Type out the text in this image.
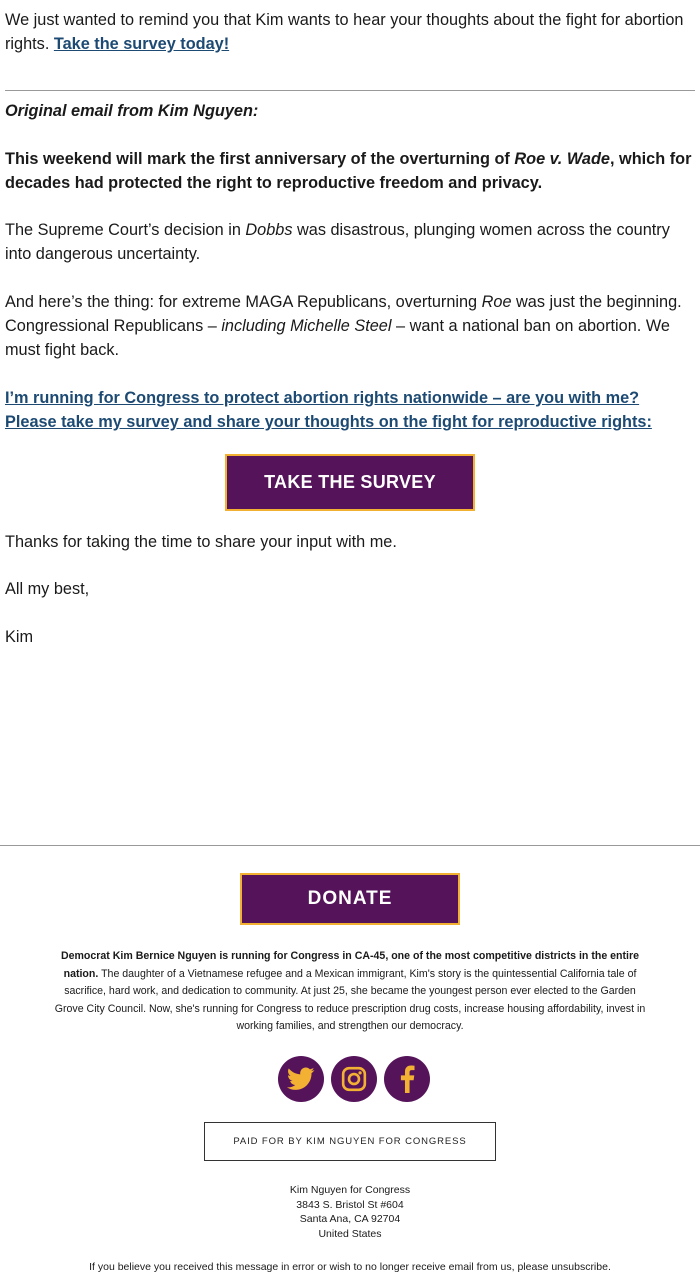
We just wanted to remind you that Kim wants to hear your thoughts about the fight for abortion rights. Take the survey today!

Original email from Kim Nguyen:

This weekend will mark the first anniversary of the overturning of Roe v. Wade, which for decades had protected the right to reproductive freedom and privacy.

The Supreme Court’s decision in Dobbs was disastrous, plunging women across the country into dangerous uncertainty.

And here’s the thing: for extreme MAGA Republicans, overturning Roe was just the beginning. Congressional Republicans – including Michelle Steel – want a national ban on abortion. We must fight back.

I’m running for Congress to protect abortion rights nationwide – are you with me?
Please take my survey and share your thoughts on the fight for reproductive rights:

TAKE THE SURVEY

Thanks for taking the time to share your input with me.

All my best,

Kim

DONATE
Democrat Kim Bernice Nguyen is running for Congress in CA-45, one of the most competitive districts in the entire nation. The daughter of a Vietnamese refugee and a Mexican immigrant, Kim's story is the quintessential California tale of sacrifice, hard work, and dedication to community. At just 25, she became the youngest person ever elected to the Garden Grove City Council. Now, she's running for Congress to reduce prescription drug costs, increase housing affordability, invest in working families, and strengthen our democracy.
PAID FOR BY KIM NGUYEN FOR CONGRESS
Kim Nguyen for Congress
3843 S. Bristol St #604
Santa Ana, CA 92704
United States
If you believe you received this message in error or wish to no longer receive email from us, please unsubscribe.
